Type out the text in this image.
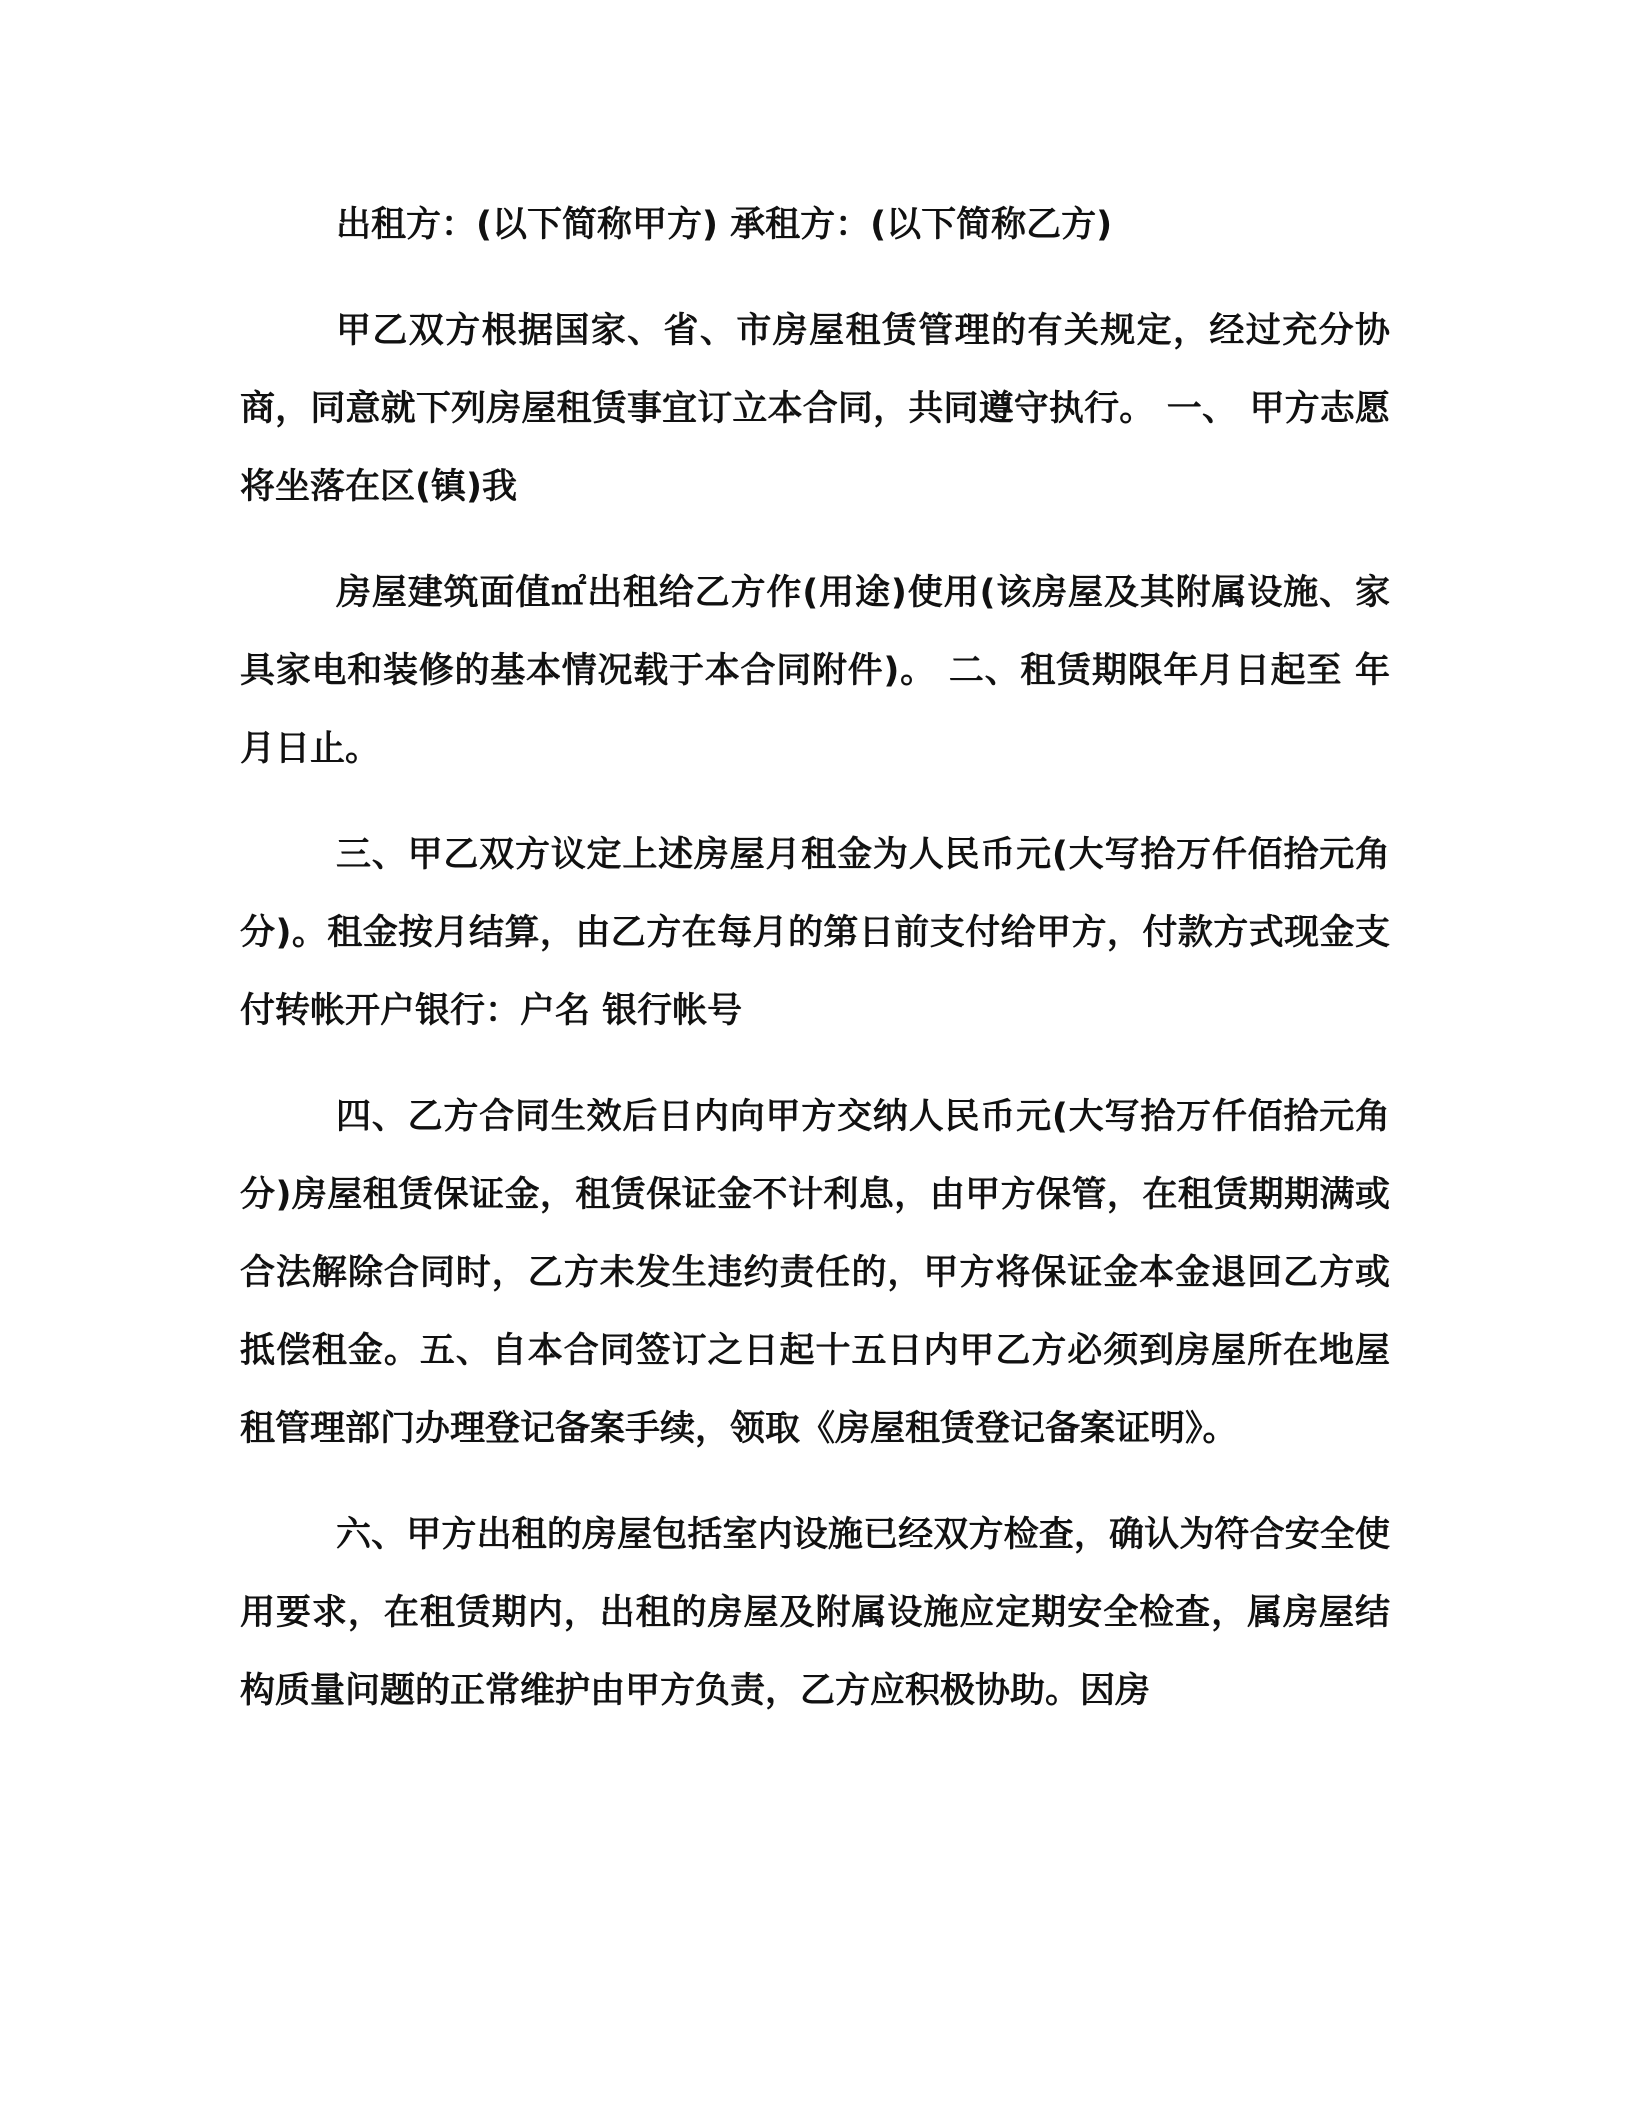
出租方：(以下简称甲方) 承租方：(以下简称乙方)

甲乙双方根据国家、省、市房屋租赁管理的有关规定，经过充分协商，同意就下列房屋租赁事宜订立本合同，共同遵守执行。 一、 甲方志愿将坐落在区(镇)我

房屋建筑面值㎡出租给乙方作(用途)使用(该房屋及其附属设施、家具家电和装修的基本情况载于本合同附件)。 二、租赁期限年月日起至 年月日止。

三、甲乙双方议定上述房屋月租金为人民币元(大写拾万仟佰拾元角分)。租金按月结算，由乙方在每月的第日前支付给甲方，付款方式现金支付转帐开户银行：户名 银行帐号

四、乙方合同生效后日内向甲方交纳人民币元(大写拾万仟佰拾元角分)房屋租赁保证金，租赁保证金不计利息，由甲方保管，在租赁期期满或合法解除合同时，乙方未发生违约责任的，甲方将保证金本金退回乙方或抵偿租金。五、自本合同签订之日起十五日内甲乙方必须到房屋所在地屋租管理部门办理登记备案手续，领取《房屋租赁登记备案证明》。

六、甲方出租的房屋包括室内设施已经双方检查，确认为符合安全使用要求，在租赁期内，出租的房屋及附属设施应定期安全检查，属房屋结构质量问题的正常维护由甲方负责，乙方应积极协助。因房
